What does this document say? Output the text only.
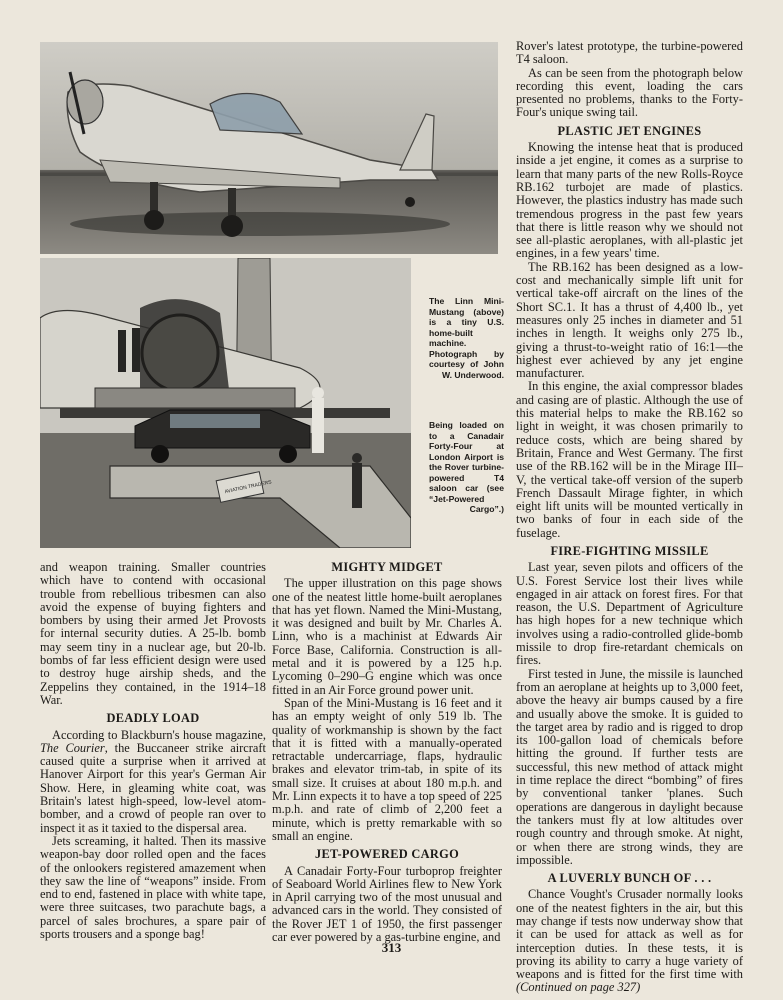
AVIATION TRADERS
The Linn Mini-Mustang (above) is a tiny U.S. home-built machine. Photograph by courtesy of John W. Underwood.
Being loaded on to a Canadair Forty-Four at London Airport is the Rover turbine-powered T4 saloon car (see “Jet-Powered Cargo”.)

and weapon training. Smaller countries which have to contend with occasional trouble from rebellious tribesmen can also avoid the expense of buying fighters and bombers by using their armed Jet Provosts for internal security duties. A 25-lb. bomb may seem tiny in a nuclear age, but 20-lb. bombs of far less efficient design were used to destroy huge airship sheds, and the Zeppelins they contained, in the 1914–18 War.

DEADLY LOAD

According to Blackburn's house magazine, The Courier, the Buccaneer strike aircraft caused quite a surprise when it arrived at Hanover Airport for this year's German Air Show. Here, in gleaming white coat, was Britain's latest high-speed, low-level atom-bomber, and a crowd of people ran over to inspect it as it taxied to the dispersal area.

Jets screaming, it halted. Then its massive weapon-bay door rolled open and the faces of the onlookers registered amazement when they saw the line of “weapons” inside. From end to end, fastened in place with white tape, were three suitcases, two parachute bags, a parcel of sales brochures, a spare pair of sports trousers and a sponge bag!

MIGHTY MIDGET

The upper illustration on this page shows one of the neatest little home-built aeroplanes that has yet flown. Named the Mini-Mustang, it was designed and built by Mr. Charles A. Linn, who is a machinist at Edwards Air Force Base, California. Construction is all-metal and it is powered by a 125 h.p. Lycoming 0–290–G engine which was once fitted in an Air Force ground power unit.

Span of the Mini-Mustang is 16 feet and it has an empty weight of only 519 lb. The quality of workmanship is shown by the fact that it is fitted with a manually-operated retractable undercarriage, flaps, hydraulic brakes and elevator trim-tab, in spite of its small size. It cruises at about 180 m.p.h. and Mr. Linn expects it to have a top speed of 225 m.p.h. and rate of climb of 2,200 feet a minute, which is pretty remarkable with so small an engine.

JET-POWERED CARGO

A Canadair Forty-Four turboprop freighter of Seaboard World Airlines flew to New York in April carrying two of the most unusual and advanced cars in the world. They consisted of the Rover JET 1 of 1950, the first passenger car ever powered by a gas-turbine engine, and

Rover's latest prototype, the turbine-powered T4 saloon.

As can be seen from the photograph below recording this event, loading the cars presented no problems, thanks to the Forty-Four's unique swing tail.

PLASTIC JET ENGINES

Knowing the intense heat that is produced inside a jet engine, it comes as a surprise to learn that many parts of the new Rolls-Royce RB.162 turbojet are made of plastics. However, the plastics industry has made such tremendous progress in the past few years that there is little reason why we should not see all-plastic aeroplanes, with all-plastic jet engines, in a few years' time.

The RB.162 has been designed as a low-cost and mechanically simple lift unit for vertical take-off aircraft on the lines of the Short SC.1. It has a thrust of 4,400 lb., yet measures only 25 inches in diameter and 51 inches in length. It weighs only 275 lb., giving a thrust-to-weight ratio of 16:1—the highest ever achieved by any jet engine manufacturer.

In this engine, the axial compressor blades and casing are of plastic. Although the use of this material helps to make the RB.162 so light in weight, it was chosen primarily to reduce costs, which are being shared by Britain, France and West Germany. The first use of the RB.162 will be in the Mirage III–V, the vertical take-off version of the superb French Dassault Mirage fighter, in which eight lift units will be mounted vertically in two banks of four in each side of the fuselage.

FIRE-FIGHTING MISSILE

Last year, seven pilots and officers of the U.S. Forest Service lost their lives while engaged in air attack on forest fires. For that reason, the U.S. Department of Agriculture has high hopes for a new technique which involves using a radio-controlled glide-bomb missile to drop fire-retardant chemicals on fires.

First tested in June, the missile is launched from an aeroplane at heights up to 3,000 feet, above the heavy air bumps caused by a fire and usually above the smoke. It is guided to the target area by radio and is rigged to drop its 100-gallon load of chemicals before hitting the ground. If further tests are successful, this new method of attack might in time replace the direct “bombing” of fires by conventional tanker 'planes. Such operations are dangerous in daylight because the tankers must fly at low altitudes over rough country and through smoke. At night, or when there are strong winds, they are impossible.

A LUVERLY BUNCH OF . . .

Chance Vought's Crusader normally looks one of the neatest fighters in the air, but this may change if tests now underway show that it can be used for attack as well as for interception duties. In these tests, it is proving its ability to carry a huge variety of weapons and is fitted for the first time with (Continued on page 327)

313
